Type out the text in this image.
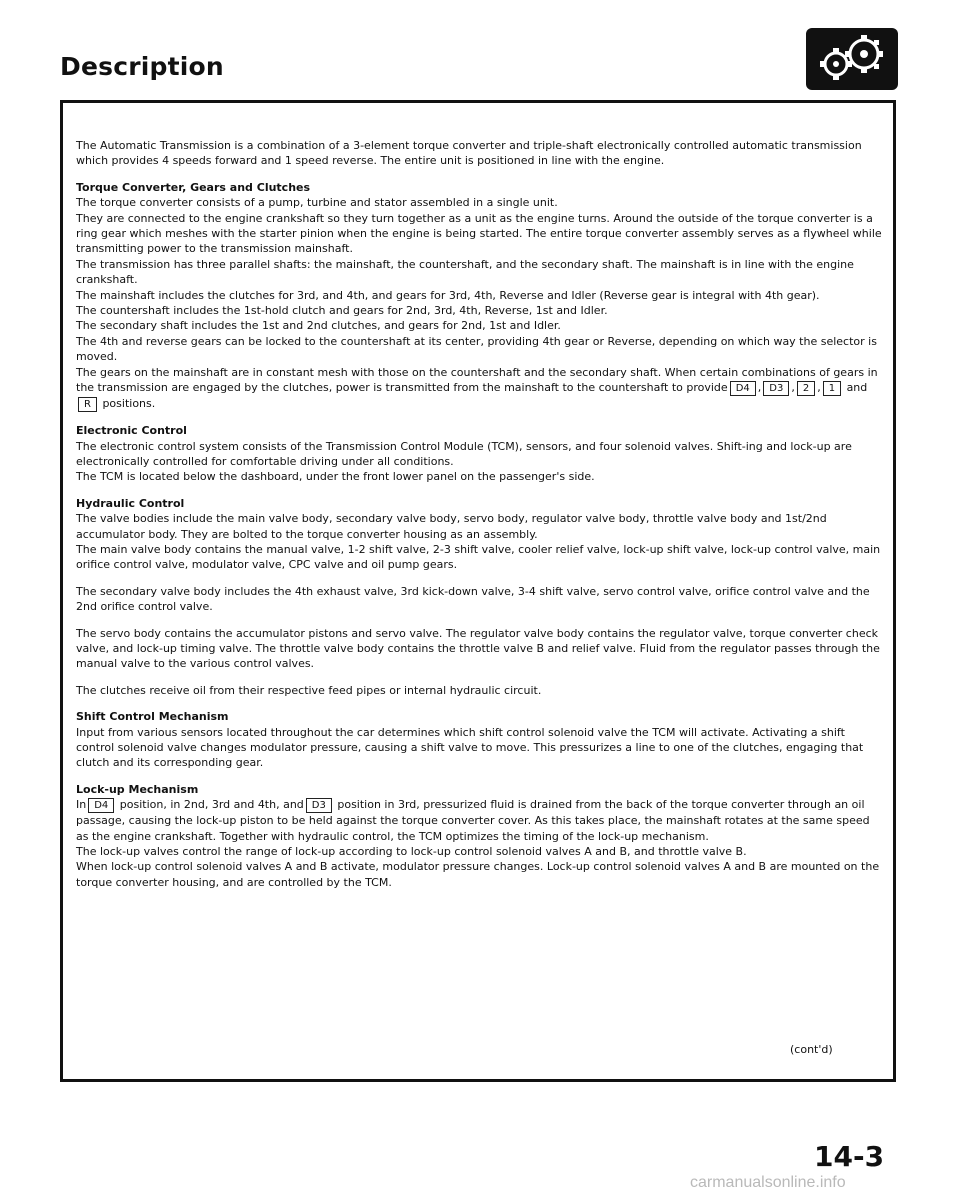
Description

The Automatic Transmission is a combination of a 3-element torque converter and triple-shaft electronically controlled automatic transmission which provides 4 speeds forward and 1 speed reverse. The entire unit is positioned in line with the engine.

Torque Converter, Gears and Clutches

The torque converter consists of a pump, turbine and stator assembled in a single unit.

They are connected to the engine crankshaft so they turn together as a unit as the engine turns. Around the outside of the torque converter is a ring gear which meshes with the starter pinion when the engine is being started. The entire torque converter assembly serves as a flywheel while transmitting power to the transmission mainshaft.

The transmission has three parallel shafts: the mainshaft, the countershaft, and the secondary shaft. The mainshaft is in line with the engine crankshaft.

The mainshaft includes the clutches for 3rd, and 4th, and gears for 3rd, 4th, Reverse and Idler (Reverse gear is integral with 4th gear).

The countershaft includes the 1st-hold clutch and gears for 2nd, 3rd, 4th, Reverse, 1st and Idler.

The secondary shaft includes the 1st and 2nd clutches, and gears for 2nd, 1st and Idler.

The 4th and reverse gears can be locked to the countershaft at its center, providing 4th gear or Reverse, depending on which way the selector is moved.

The gears on the mainshaft are in constant mesh with those on the countershaft and the secondary shaft. When certain combinations of gears in the transmission are engaged by the clutches, power is transmitted from the mainshaft to the countershaft to provide D4 , D3 , 2 , 1 andR positions.

Electronic Control

The electronic control system consists of the Transmission Control Module (TCM), sensors, and four solenoid valves. Shift-ing and lock-up are electronically controlled for comfortable driving under all conditions.

The TCM is located below the dashboard, under the front lower panel on the passenger's side.

Hydraulic Control

The valve bodies include the main valve body, secondary valve body, servo body, regulator valve body, throttle valve body and 1st/2nd accumulator body. They are bolted to the torque converter housing as an assembly.

The main valve body contains the manual valve, 1-2 shift valve, 2-3 shift valve, cooler relief valve, lock-up shift valve, lock-up control valve, main orifice control valve, modulator valve, CPC valve and oil pump gears.

The secondary valve body includes the 4th exhaust valve, 3rd kick-down valve, 3-4 shift valve, servo control valve, orifice control valve and the 2nd orifice control valve.

The servo body contains the accumulator pistons and servo valve. The regulator valve body contains the regulator valve, torque converter check valve, and lock-up timing valve. The throttle valve body contains the throttle valve B and relief valve. Fluid from the regulator passes through the manual valve to the various control valves.

The clutches receive oil from their respective feed pipes or internal hydraulic circuit.

Shift Control Mechanism

Input from various sensors located throughout the car determines which shift control solenoid valve the TCM will activate. Activating a shift control solenoid valve changes modulator pressure, causing a shift valve to move. This pressurizes a line to one of the clutches, engaging that clutch and its corresponding gear.

Lock-up Mechanism

In D4 position, in 2nd, 3rd and 4th, and D3 position in 3rd, pressurized fluid is drained from the back of the torque converter through an oil passage, causing the lock-up piston to be held against the torque converter cover. As this takes place, the mainshaft rotates at the same speed as the engine crankshaft. Together with hydraulic control, the TCM optimizes the timing of the lock-up mechanism.

The lock-up valves control the range of lock-up according to lock-up control solenoid valves A and B, and throttle valve B.

When lock-up control solenoid valves A and B activate, modulator pressure changes. Lock-up control solenoid valves A and B are mounted on the torque converter housing, and are controlled by the TCM.

(cont'd)
14-3
carmanualsonline.info
